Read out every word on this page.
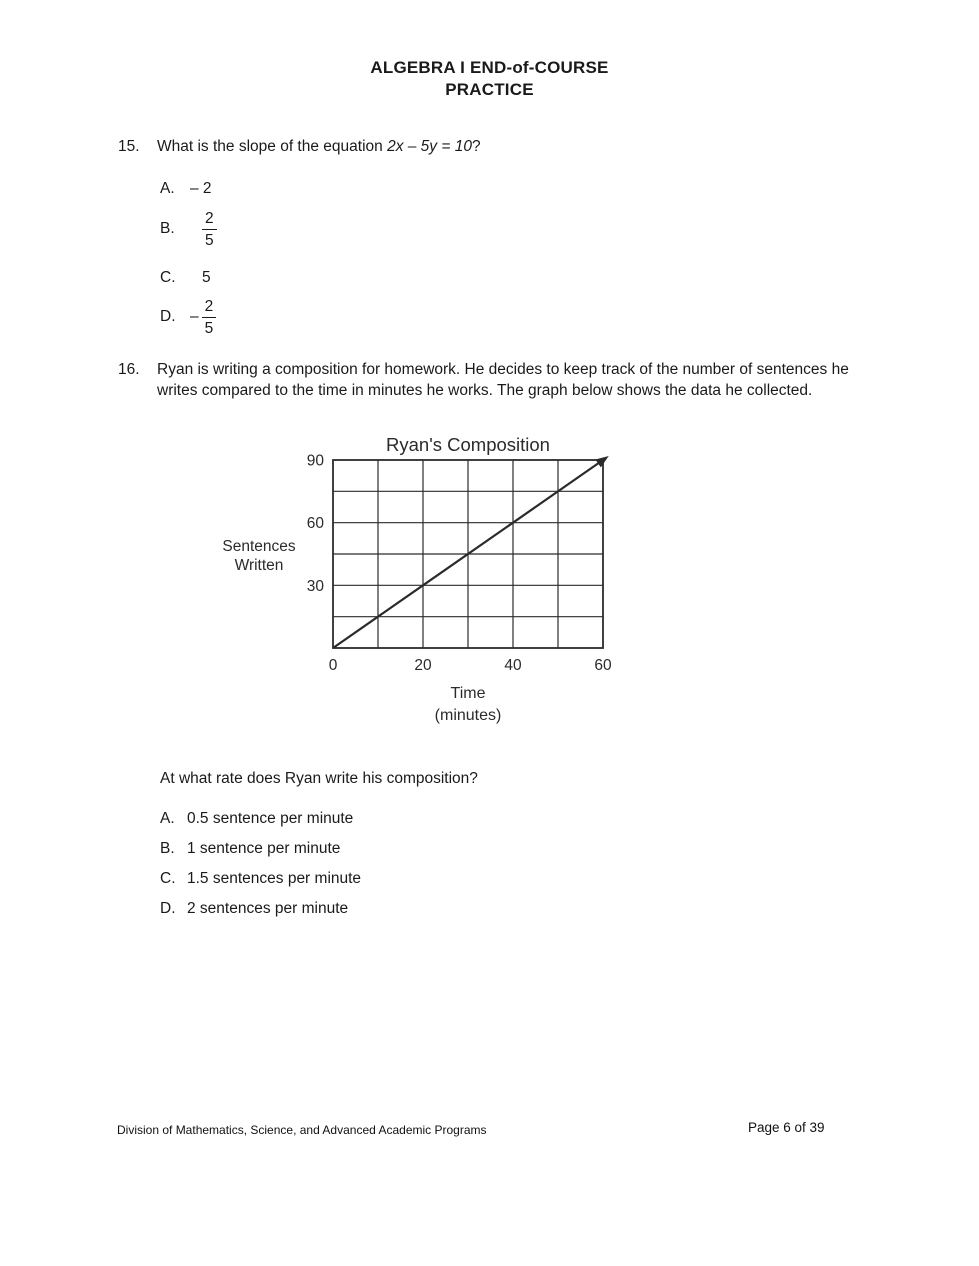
ALGEBRA I END-of-COURSE
PRACTICE
15.	What is the slope of the equation 2x – 5y = 10?
A. – 2
B. $\frac{2}{5}$
C.	5
D. – $\frac{2}{5}$
16.	Ryan is writing a composition for homework. He decides to keep track of the number of sentences he writes compared to the time in minutes he works. The graph below shows the data he collected.
Ryan's Composition
30
60
90
0	20	40	60
Sentences
Written
Time
(minutes)
At what rate does Ryan write his composition?
A. 0.5 sentence per minute
B. 1 sentence per minute
C. 1.5 sentences per minute
D. 2 sentences per minute
Division of Mathematics, Science, and Advanced Academic Programs	Page 6 of 39
